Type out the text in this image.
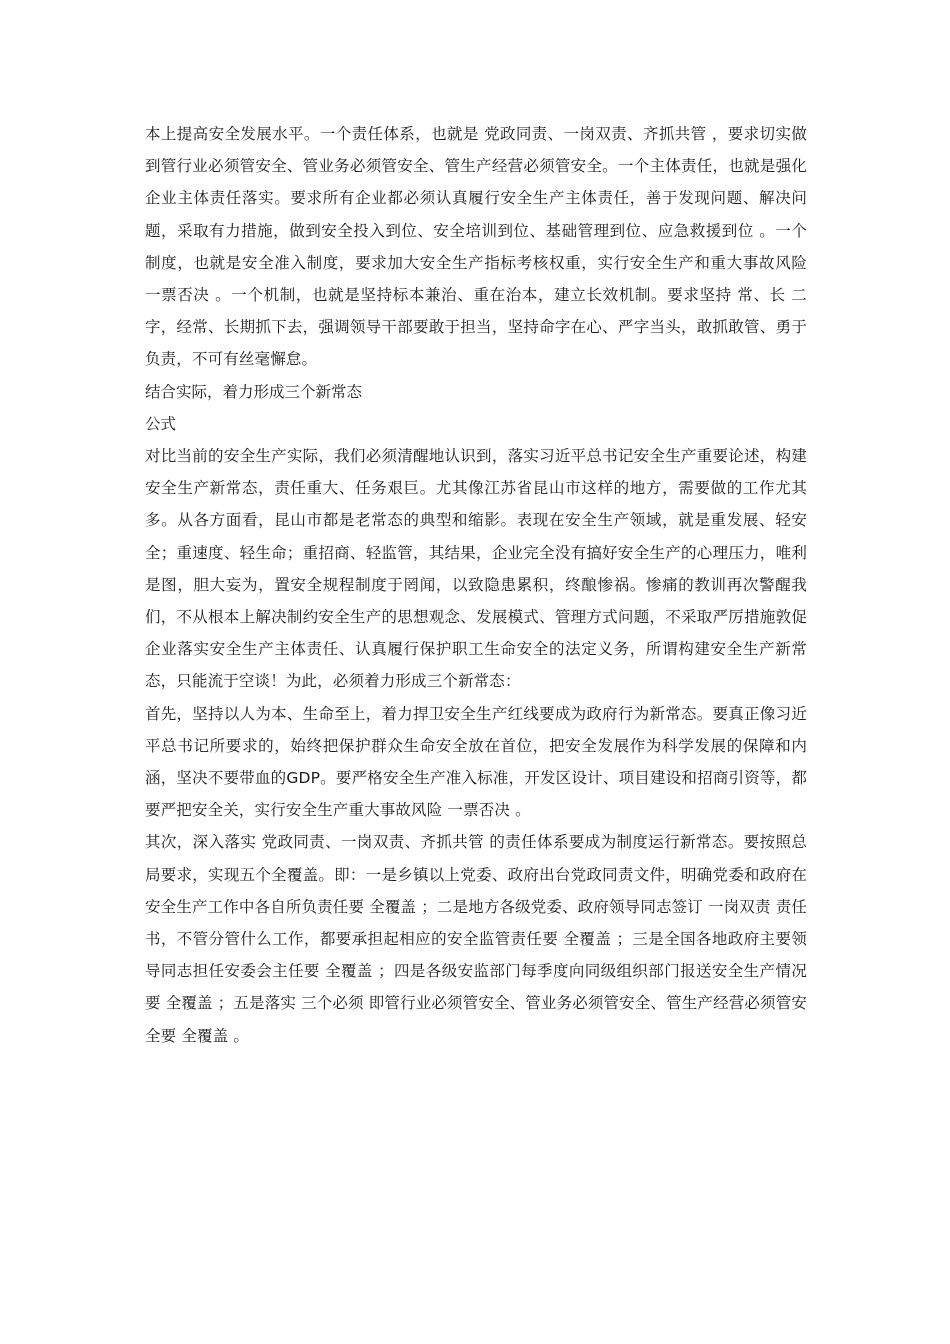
本上提高安全发展水平。一个责任体系，也就是 党政同责、一岗双责、齐抓共管 ，要求切实做到管行业必须管安全、管业务必须管安全、管生产经营必须管安全。一个主体责任，也就是强化企业主体责任落实。要求所有企业都必须认真履行安全生产主体责任，善于发现问题、解决问题，采取有力措施，做到安全投入到位、安全培训到位、基础管理到位、应急救援到位 。一个制度，也就是安全准入制度，要求加大安全生产指标考核权重，实行安全生产和重大事故风险 一票否决 。一个机制，也就是坚持标本兼治、重在治本，建立长效机制。要求坚持 常、长 二字，经常、长期抓下去，强调领导干部要敢于担当，坚持命字在心、严字当头，敢抓敢管、勇于负责，不可有丝毫懈怠。

结合实际，着力形成三个新常态

公式

对比当前的安全生产实际，我们必须清醒地认识到，落实习近平总书记安全生产重要论述，构建安全生产新常态，责任重大、任务艰巨。尤其像江苏省昆山市这样的地方，需要做的工作尤其多。从各方面看，昆山市都是老常态的典型和缩影。表现在安全生产领域，就是重发展、轻安全；重速度、轻生命；重招商、轻监管，其结果，企业完全没有搞好安全生产的心理压力，唯利是图，胆大妄为，置安全规程制度于罔闻，以致隐患累积，终酿惨祸。惨痛的教训再次警醒我们，不从根本上解决制约安全生产的思想观念、发展模式、管理方式问题，不采取严厉措施敦促企业落实安全生产主体责任、认真履行保护职工生命安全的法定义务，所谓构建安全生产新常态，只能流于空谈！为此，必须着力形成三个新常态：

首先，坚持以人为本、生命至上，着力捍卫安全生产红线要成为政府行为新常态。要真正像习近平总书记所要求的，始终把保护群众生命安全放在首位，把安全发展作为科学发展的保障和内涵，坚决不要带血的GDP。要严格安全生产准入标准，开发区设计、项目建设和招商引资等，都要严把安全关，实行安全生产重大事故风险 一票否决 。

其次，深入落实 党政同责、一岗双责、齐抓共管 的责任体系要成为制度运行新常态。要按照总局要求，实现五个全覆盖。即：一是乡镇以上党委、政府出台党政同责文件，明确党委和政府在安全生产工作中各自所负责任要 全覆盖 ；二是地方各级党委、政府领导同志签订 一岗双责 责任书，不管分管什么工作，都要承担起相应的安全监管责任要 全覆盖 ；三是全国各地政府主要领导同志担任安委会主任要 全覆盖 ；四是各级安监部门每季度向同级组织部门报送安全生产情况要 全覆盖 ；五是落实 三个必须 即管行业必须管安全、管业务必须管安全、管生产经营必须管安全要 全覆盖 。
